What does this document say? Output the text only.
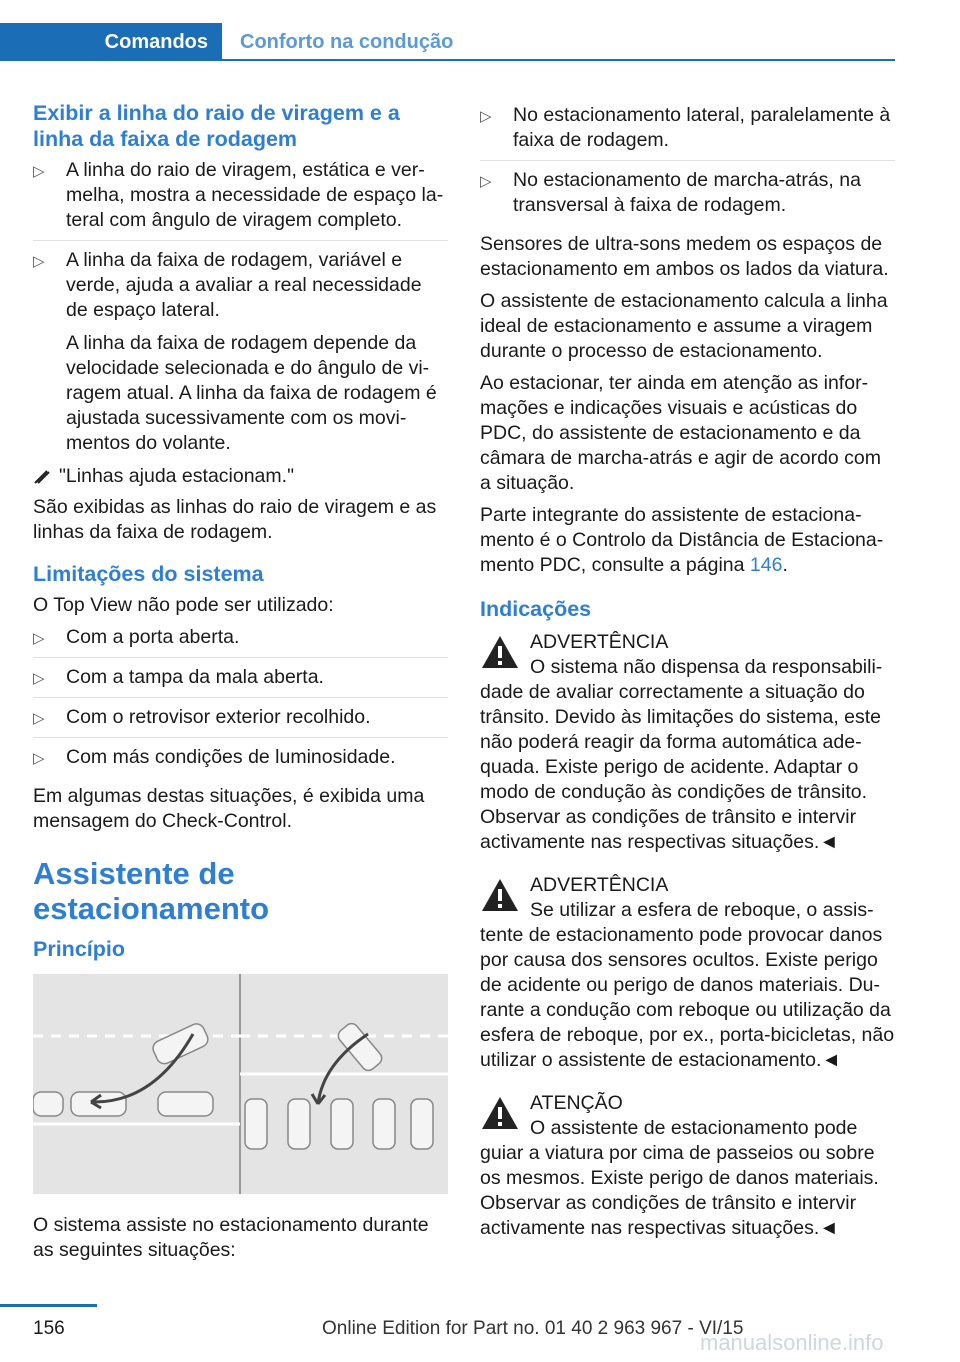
Comandos	Conforto na condução
Exibir a linha do raio de viragem e a linha da faixa de rodagem
▷ A linha do raio de viragem, estática e ver-melha, mostra a necessidade de espaço la-teral com ângulo de viragem completo.
▷ A linha da faixa de rodagem, variável e verde, ajuda a avaliar a real necessidade de espaço lateral.
A linha da faixa de rodagem depende da velocidade selecionada e do ângulo de vi-ragem atual. A linha da faixa de rodagem é ajustada sucessivamente com os movi-mentos do volante.
"Linhas ajuda estacionam."

São exibidas as linhas do raio de viragem e as linhas da faixa de rodagem.

Limitações do sistema

O Top View não pode ser utilizado:

▷ Com a porta aberta.
▷ Com a tampa da mala aberta.
▷ Com o retrovisor exterior recolhido.
▷ Com más condições de luminosidade.

Em algumas destas situações, é exibida uma mensagem do Check-Control.

Assistente de estacionamento
Princípio

O sistema assiste no estacionamento durante as seguintes situações:

▷ No estacionamento lateral, paralelamente à faixa de rodagem.
▷ No estacionamento de marcha-atrás, na transversal à faixa de rodagem.

Sensores de ultra-sons medem os espaços de estacionamento em ambos os lados da viatura.

O assistente de estacionamento calcula a linha ideal de estacionamento e assume a viragem durante o processo de estacionamento.

Ao estacionar, ter ainda em atenção as infor-mações e indicações visuais e acústicas do PDC, do assistente de estacionamento e da câmara de marcha-atrás e agir de acordo com a situação.

Parte integrante do assistente de estaciona-mento é o Controlo da Distância de Estaciona-mento PDC, consulte a página 146.

Indicações
ADVERTÊNCIA
O sistema não dispensa da responsabili-dade de avaliar correctamente a situação do trânsito. Devido às limitações do sistema, este não poderá reagir da forma automática ade-quada. Existe perigo de acidente. Adaptar o modo de condução às condições de trânsito. Observar as condições de trânsito e intervir activamente nas respectivas situações.◄
ADVERTÊNCIA
Se utilizar a esfera de reboque, o assis-tente de estacionamento pode provocar danos por causa dos sensores ocultos. Existe perigo de acidente ou perigo de danos materiais. Du-rante a condução com reboque ou utilização da esfera de reboque, por ex., porta-bicicletas, não utilizar o assistente de estacionamento.◄
ATENÇÃO
O assistente de estacionamento pode guiar a viatura por cima de passeios ou sobre os mesmos. Existe perigo de danos materiais. Observar as condições de trânsito e intervir activamente nas respectivas situações.◄
156	Online Edition for Part no. 01 40 2 963 967 - VI/15
manualsonline.info
